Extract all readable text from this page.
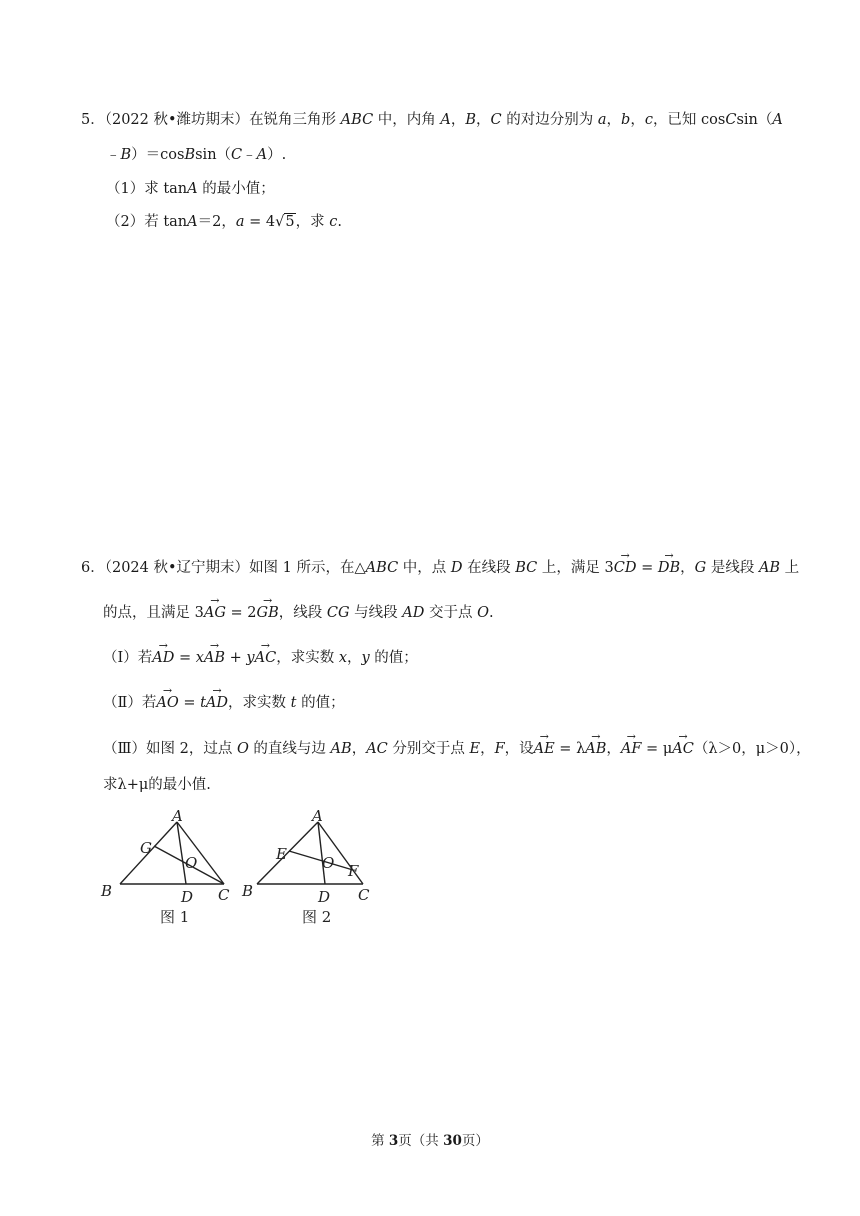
5．（2022 秋•潍坊期末）在锐角三角形 ABC 中，内角 A，B，C 的对边分别为 a，b，c，已知 cosCsin（A
﹣B）＝cosBsin（C﹣A）.
（1）求 tanA 的最小值；
（2）若 tanA＝2，a = 4√5，求 c.
6．（2024 秋•辽宁期末）如图 1 所示，在△ABC 中，点 D 在线段 BC 上，满足 3→ CD = → DB，G 是线段 AB 上
的点，且满足 3→ AG = 2→ GB，线段 CG 与线段 AD 交于点 O.
（Ⅰ）若→ AD = x→ AB + y→ AC，求实数 x，y 的值；
（Ⅱ）若→ AO = t→ AD，求实数 t 的值；
（Ⅲ）如图 2，过点 O 的直线与边 AB，AC 分别交于点 E，F，设→ AE = λ→ AB，→ AF = μ→ AC（λ＞0，μ＞0），
求λ+μ的最小值.
A
B	C
D
G
O
图 1
A
B	C
D
E O F
图 2
第 3页（共 30页）
